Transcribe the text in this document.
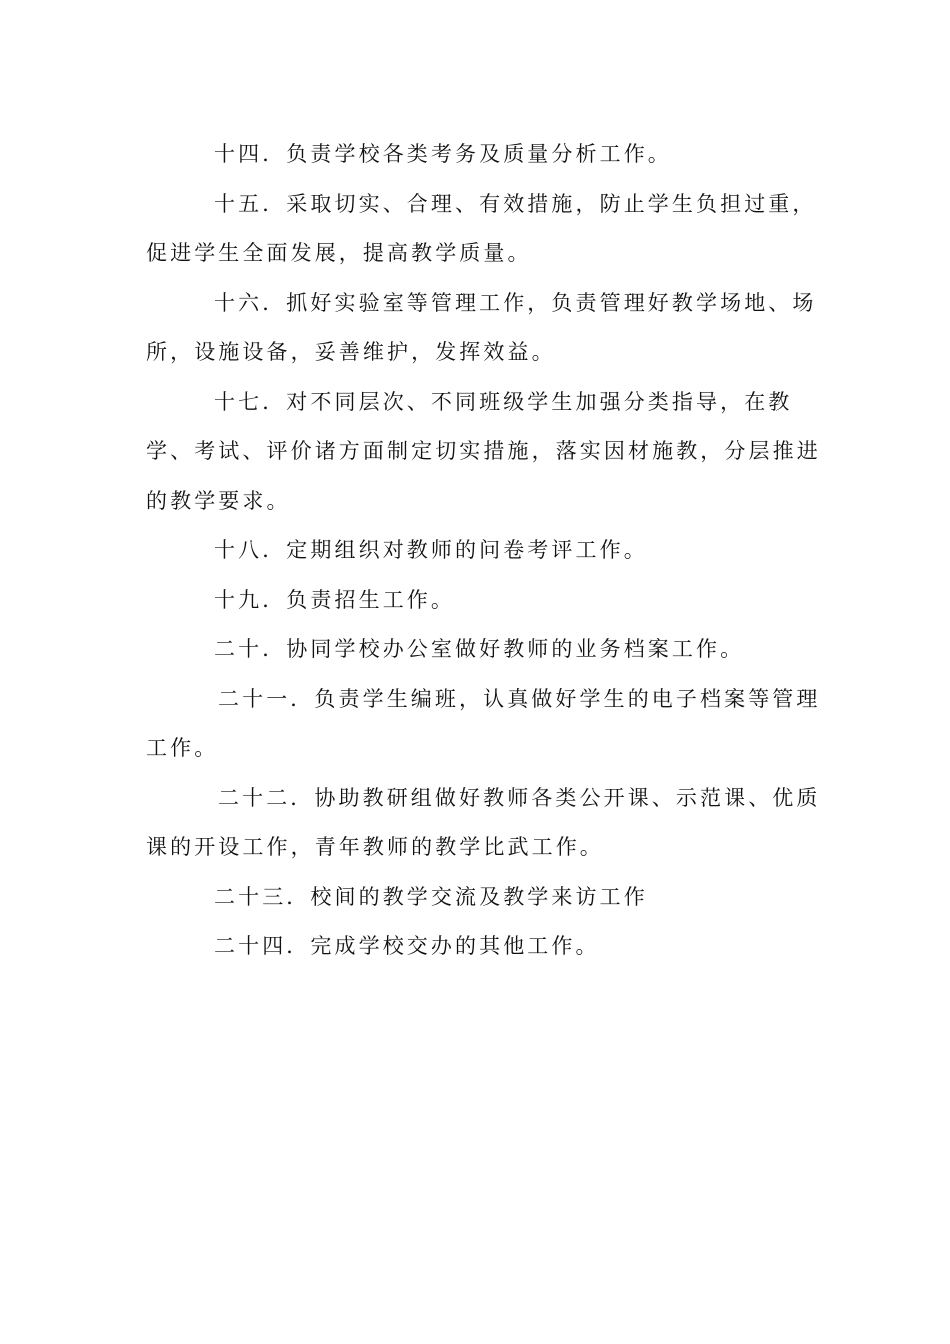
十四．负责学校各类考务及质量分析工作。

十五．采取切实、合理、有效措施，防止学生负担过重，促进学生全面发展，提高教学质量。

十六．抓好实验室等管理工作，负责管理好教学场地、场所，设施设备，妥善维护，发挥效益。

十七．对不同层次、不同班级学生加强分类指导，在教学、考试、评价诸方面制定切实措施，落实因材施教，分层推进的教学要求。

十八．定期组织对教师的问卷考评工作。

十九．负责招生工作。

二十．协同学校办公室做好教师的业务档案工作。

二十一．负责学生编班，认真做好学生的电子档案等管理工作。

二十二．协助教研组做好教师各类公开课、示范课、优质课的开设工作，青年教师的教学比武工作。

二十三．校间的教学交流及教学来访工作

二十四．完成学校交办的其他工作。
